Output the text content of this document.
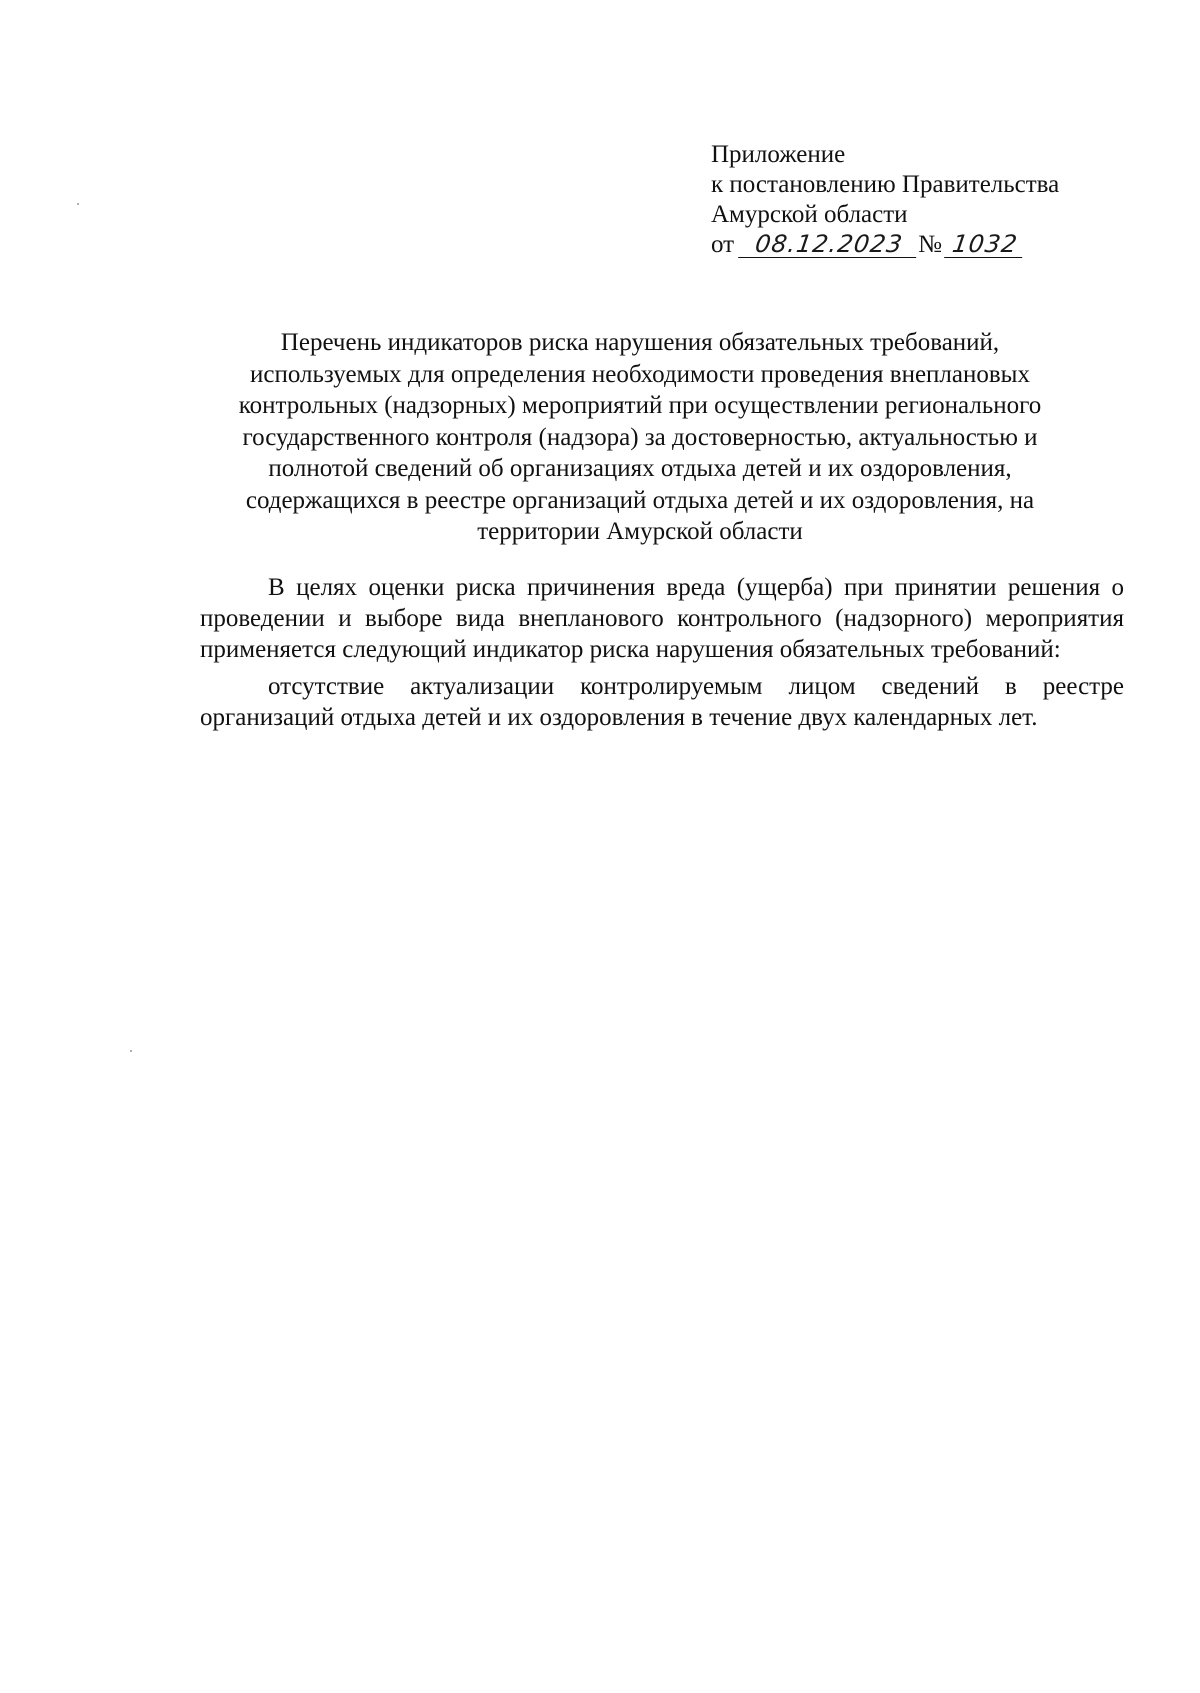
Приложение
к постановлению Правительства
Амурской области
от 08.12.2023 № 1032
Перечень индикаторов риска нарушения обязательных требований,
используемых для определения необходимости проведения внеплановых
контрольных (надзорных) мероприятий при осуществлении регионального
государственного контроля (надзора) за достоверностью, актуальностью и
полнотой сведений об организациях отдыха детей и их оздоровления,
содержащихся в реестре организаций отдыха детей и их оздоровления, на
территории Амурской области

В целях оценки риска причинения вреда (ущерба) при принятии решения о проведении и выборе вида внепланового контрольного (надзорного) мероприятия применяется следующий индикатор риска нарушения обязательных требований:

отсутствие актуализации контролируемым лицом сведений в реестре организаций отдыха детей и их оздоровления в течение двух календарных лет.
